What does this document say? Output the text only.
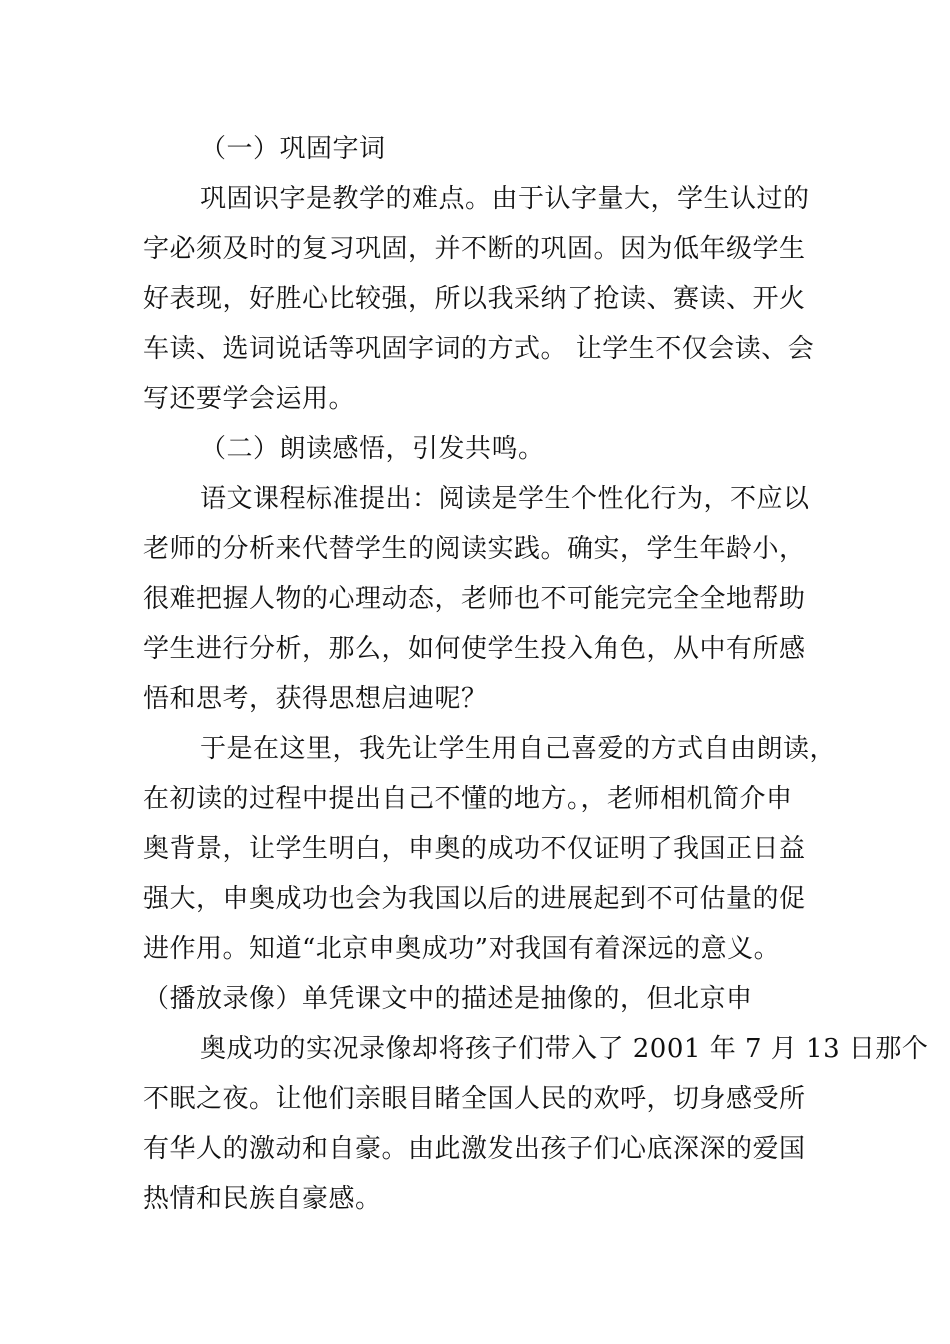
（一）巩固字词
巩固识字是教学的难点。由于认字量大，学生认过的
字必须及时的复习巩固，并不断的巩固。因为低年级学生
好表现，好胜心比较强，所以我采纳了抢读、赛读、开火
车读、选词说话等巩固字词的方式。 让学生不仅会读、会
写还要学会运用。
（二）朗读感悟，引发共鸣。
语文课程标准提出：阅读是学生个性化行为，不应以
老师的分析来代替学生的阅读实践。确实，学生年龄小，
很难把握人物的心理动态，老师也不可能完完全全地帮助
学生进行分析，那么，如何使学生投入角色，从中有所感
悟和思考，获得思想启迪呢？
于是在这里，我先让学生用自己喜爱的方式自由朗读，
在初读的过程中提出自己不懂的地方。，老师相机简介申
奥背景，让学生明白，申奥的成功不仅证明了我国正日益
强大，申奥成功也会为我国以后的进展起到不可估量的促
进作用。知道“北京申奥成功”对我国有着深远的意义。
（播放录像）单凭课文中的描述是抽像的，但北京申
奥成功的实况录像却将孩子们带入了 2001 年 7 月 13 日那个
不眠之夜。让他们亲眼目睹全国人民的欢呼，切身感受所
有华人的激动和自豪。由此激发出孩子们心底深深的爱国
热情和民族自豪感。
